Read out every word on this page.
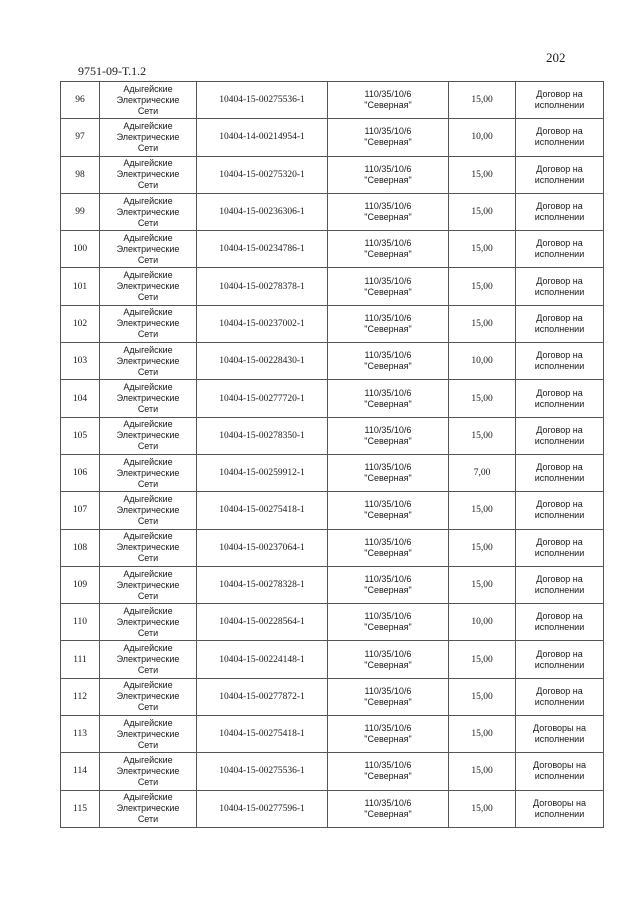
202
9751-09-Т.1.2
96	Адыгейские
Электрические
Сети	10404-15-00275536-1	110/35/10/6
"Северная"	15,00	Договор на
исполнении

97	Адыгейские
Электрические
Сети	10404-14-00214954-1	110/35/10/6
"Северная"	10,00	Договор на
исполнении

98	Адыгейские
Электрические
Сети	10404-15-00275320-1	110/35/10/6
"Северная"	15,00	Договор на
исполнении

99	Адыгейские
Электрические
Сети	10404-15-00236306-1	110/35/10/6
"Северная"	15,00	Договор на
исполнении

100	Адыгейские
Электрические
Сети	10404-15-00234786-1	110/35/10/6
"Северная"	15,00	Договор на
исполнении

101	Адыгейские
Электрические
Сети	10404-15-00278378-1	110/35/10/6
"Северная"	15,00	Договор на
исполнении

102	Адыгейские
Электрические
Сети	10404-15-00237002-1	110/35/10/6
"Северная"	15,00	Договор на
исполнении

103	Адыгейские
Электрические
Сети	10404-15-00228430-1	110/35/10/6
"Северная"	10,00	Договор на
исполнении

104	Адыгейские
Электрические
Сети	10404-15-00277720-1	110/35/10/6
"Северная"	15,00	Договор на
исполнении

105	Адыгейские
Электрические
Сети	10404-15-00278350-1	110/35/10/6
"Северная"	15,00	Договор на
исполнении

106	Адыгейские
Электрические
Сети	10404-15-00259912-1	110/35/10/6
"Северная"	7,00	Договор на
исполнении

107	Адыгейские
Электрические
Сети	10404-15-00275418-1	110/35/10/6
"Северная"	15,00	Договор на
исполнении

108	Адыгейские
Электрические
Сети	10404-15-00237064-1	110/35/10/6
"Северная"	15,00	Договор на
исполнении

109	Адыгейские
Электрические
Сети	10404-15-00278328-1	110/35/10/6
"Северная"	15,00	Договор на
исполнении

110	Адыгейские
Электрические
Сети	10404-15-00228564-1	110/35/10/6
"Северная"	10,00	Договор на
исполнении

111	Адыгейские
Электрические
Сети	10404-15-00224148-1	110/35/10/6
"Северная"	15,00	Договор на
исполнении

112	Адыгейские
Электрические
Сети	10404-15-00277872-1	110/35/10/6
"Северная"	15,00	Договор на
исполнении

113	Адыгейские
Электрические
Сети	10404-15-00275418-1	110/35/10/6
"Северная"	15,00	Договоры на
исполнении

114	Адыгейские
Электрические
Сети	10404-15-00275536-1	110/35/10/6
"Северная"	15,00	Договоры на
исполнении

115	Адыгейские
Электрические
Сети	10404-15-00277596-1	110/35/10/6
"Северная"	15,00	Договоры на
исполнении
